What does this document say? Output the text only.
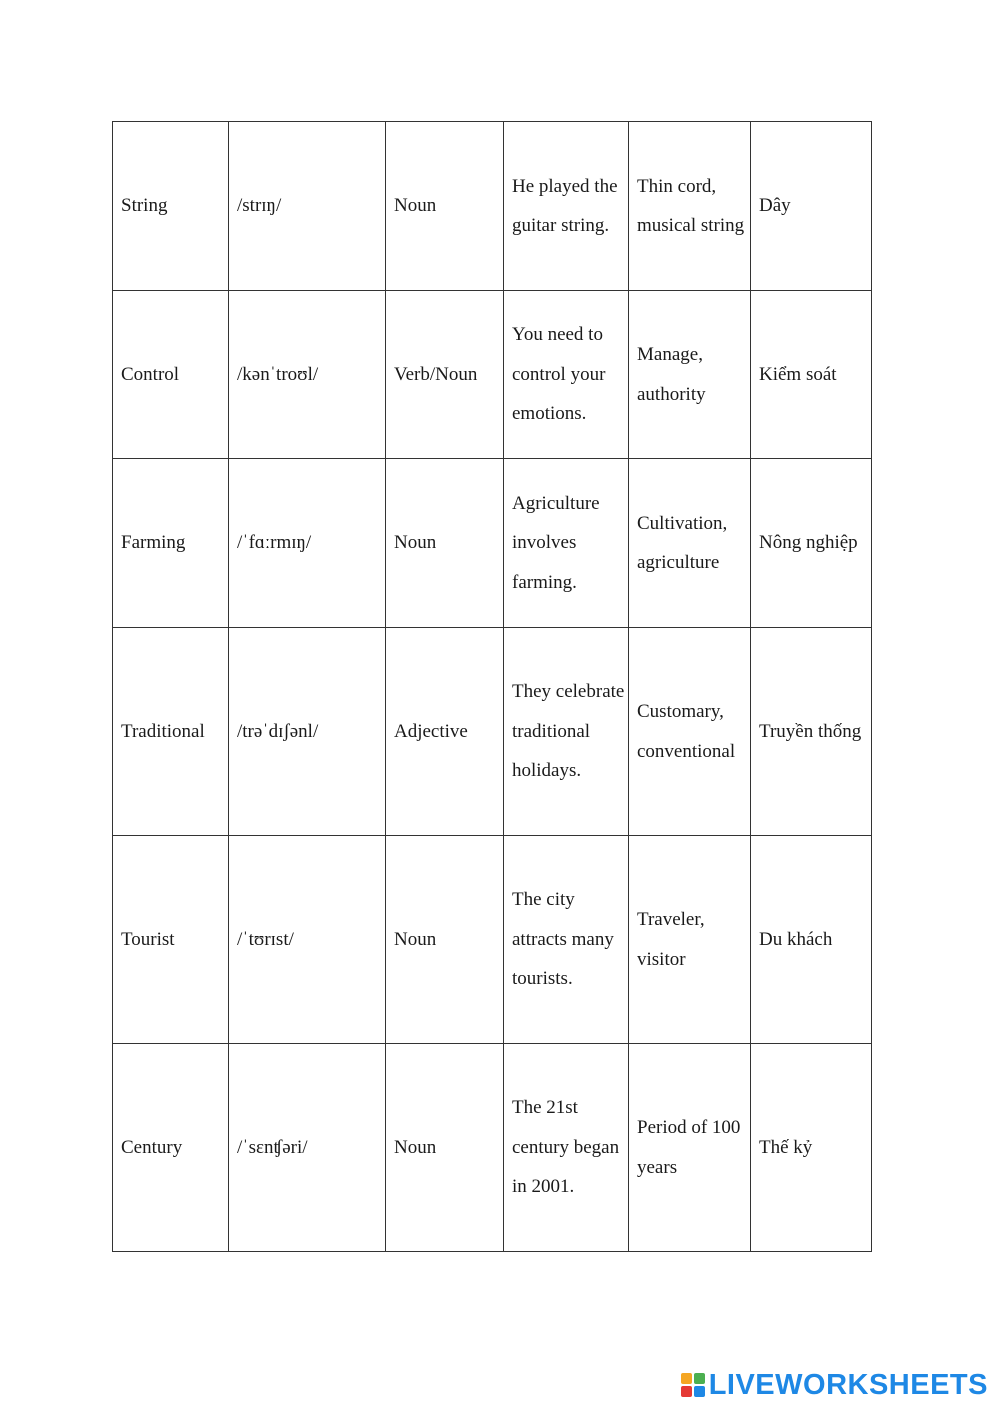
String	/strɪŋ/	Noun	He played the guitar string.	Thin cord, musical string	Dây
Control	/kənˈtroʊl/	Verb/Noun	You need to control your emotions.	Manage, authority	Kiểm soát
Farming	/ˈfɑːrmɪŋ/	Noun	Agriculture involves farming.	Cultivation, agriculture	Nông nghiệp
Traditional	/trəˈdɪʃənl/	Adjective	They celebrate traditional holidays.	Customary, conventional	Truyền thống
Tourist	/ˈtʊrɪst/	Noun	The city attracts many tourists.	Traveler, visitor	Du khách
Century	/ˈsɛnʧəri/	Noun	The 21st century began in 2001.	Period of 100 years	Thế kỷ
LIVEWORKSHEETS
